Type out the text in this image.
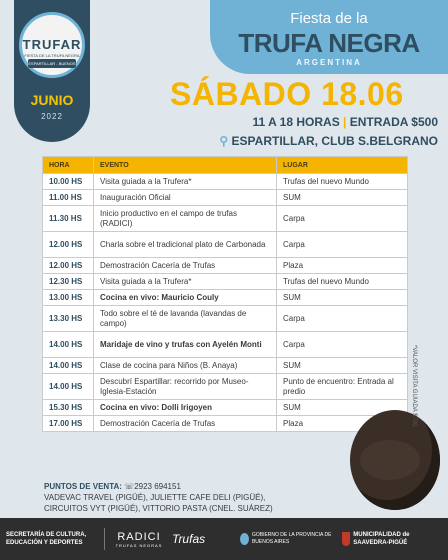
TRUFAR
FIESTA DE LA TRUFA NEGRA
ESPARTILLAR - BUENOS AIRES
JUNIO
2022
Fiesta de la
TRUFA NEGRA
ARGENTINA
SÁBADO 18.06
11 A 18 HORAS | ENTRADA $500
⚲ ESPARTILLAR, CLUB S.BELGRANO
HORA	EVENTO	LUGAR
10.00 HS	Visita guiada a la Trufera*	Trufas del nuevo Mundo
11.00 HS	Inauguración Oficial	SUM
11.30 HS	Inicio productivo en el campo de trufas (RADICI)	Carpa
12.00 HS	Charla sobre el tradicional plato de Carbonada	Carpa
12.00 HS	Demostración Cacería de Trufas	Plaza
12.30 HS	Visita guiada a la Trufera*	Trufas del nuevo Mundo
13.00 HS	Cocina en vivo: Mauricio Couly	SUM
13.30 HS	Todo sobre el té de lavanda (lavandas de campo)	Carpa
14.00 HS	Maridaje de vino y trufas con Ayelén Monti	Carpa
14.00 HS	Clase de cocina para Niños (B. Anaya)	SUM
14.00 HS	Descubrí Espartillar: recorrido por Museo-Iglesia-Estación	Punto de encuentro: Entrada al predio
15.30 HS	Cocina en vivo: Dolli Irigoyen	SUM
17.00 HS	Demostración Cacería de Trufas	Plaza	*VALOR VISITA GUIADA $700
PUNTOS DE VENTA: ☏2923 694151
VADEVAC TRAVEL (PIGÜÉ), JULIETTE CAFE DELI (PIGÜÉ),
CIRCUITOS VYT (PIGÜÉ), VITTORIO PASTA (CNEL. SUÁREZ)
SECRETARÍA DE CULTURA, EDUCACIÓN Y DEPORTES
RADICI
TRUFAS NEGRAS Trufas	GOBIERNO DE LA PROVINCIA DE BUENOS AIRES
MUNICIPALIDAD de SAAVEDRA-PIGÜÉ
